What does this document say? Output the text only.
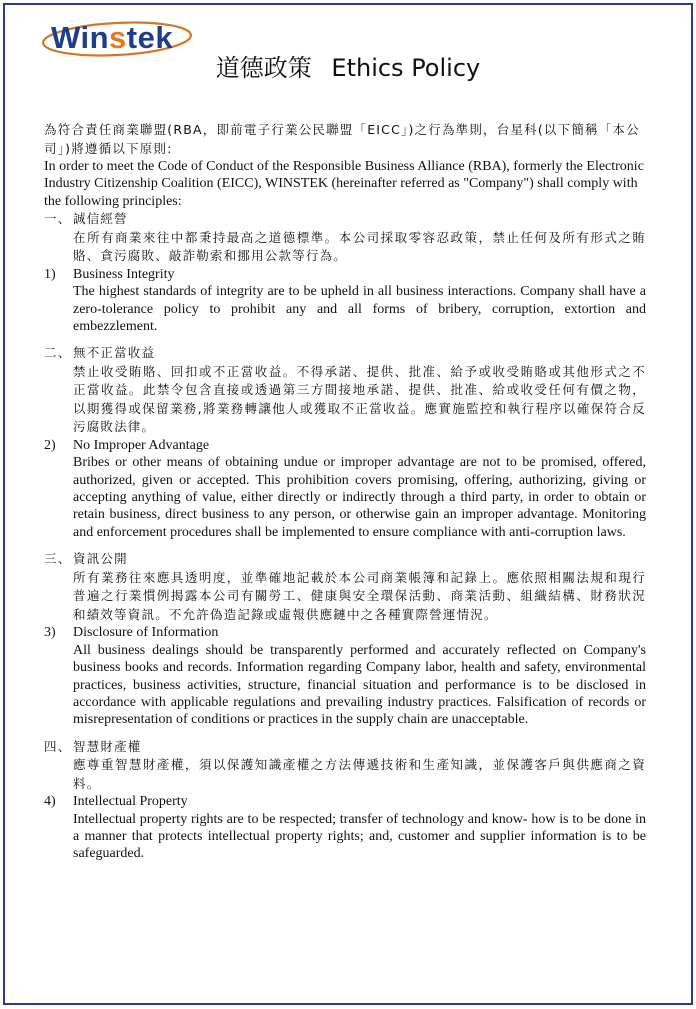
Winstek
道德政策 Ethics Policy

為符合責任商業聯盟(RBA，即前電子行業公民聯盟「EICC」)之行為準則，台星科(以下簡稱「本公司」)將遵循以下原則:

In order to meet the Code of Conduct of the Responsible Business Alliance (RBA), formerly the Electronic Industry Citizenship Coalition (EICC), WINSTEK (hereinafter referred as "Company") shall comply with the following principles:

一、 誠信經營

在所有商業來往中都秉持最高之道德標準。本公司採取零容忍政策，禁止任何及所有形式之賄賂、貪污腐敗、敲詐勒索和挪用公款等行為。

1)	Business Integrity

The highest standards of integrity are to be upheld in all business interactions. Company shall have a zero-tolerance policy to prohibit any and all forms of bribery, corruption, extortion and embezzlement.

二、 無不正當收益

禁止收受賄賂、回扣或不正當收益。不得承諾、提供、批准、給予或收受賄賂或其他形式之不正當收益。此禁令包含直接或透過第三方間接地承諾、提供、批准、給或收受任何有價之物，以期獲得或保留業務,將業務轉讓他人或獲取不正當收益。應實施監控和執行程序以確保符合反污腐敗法律。

2)	No Improper Advantage

Bribes or other means of obtaining undue or improper advantage are not to be promised, offered, authorized, given or accepted. This prohibition covers promising, offering, authorizing, giving or accepting anything of value, either directly or indirectly through a third party, in order to obtain or retain business, direct business to any person, or otherwise gain an improper advantage. Monitoring and enforcement procedures shall be implemented to ensure compliance with anti-corruption laws.

三、 資訊公開

所有業務往來應具透明度，並準確地記載於本公司商業帳簿和記錄上。應依照相關法規和現行普遍之行業慣例揭露本公司有關勞工、健康與安全環保活動、商業活動、組織結構、財務狀況和績效等資訊。不允許偽造記錄或虛報供應鏈中之各種實際營運情況。

3)	Disclosure of Information

All business dealings should be transparently performed and accurately reflected on Company's business books and records. Information regarding Company labor, health and safety, environmental practices, business activities, structure, financial situation and performance is to be disclosed in accordance with applicable regulations and prevailing industry practices. Falsification of records or misrepresentation of conditions or practices in the supply chain are unacceptable.

四、 智慧財產權

應尊重智慧財產權，須以保護知識產權之方法傳遞技術和生產知識，並保護客戶與供應商之資料。

4)	Intellectual Property

Intellectual property rights are to be respected; transfer of technology and know- how is to be done in a manner that protects intellectual property rights; and, customer and supplier information is to be safeguarded.
